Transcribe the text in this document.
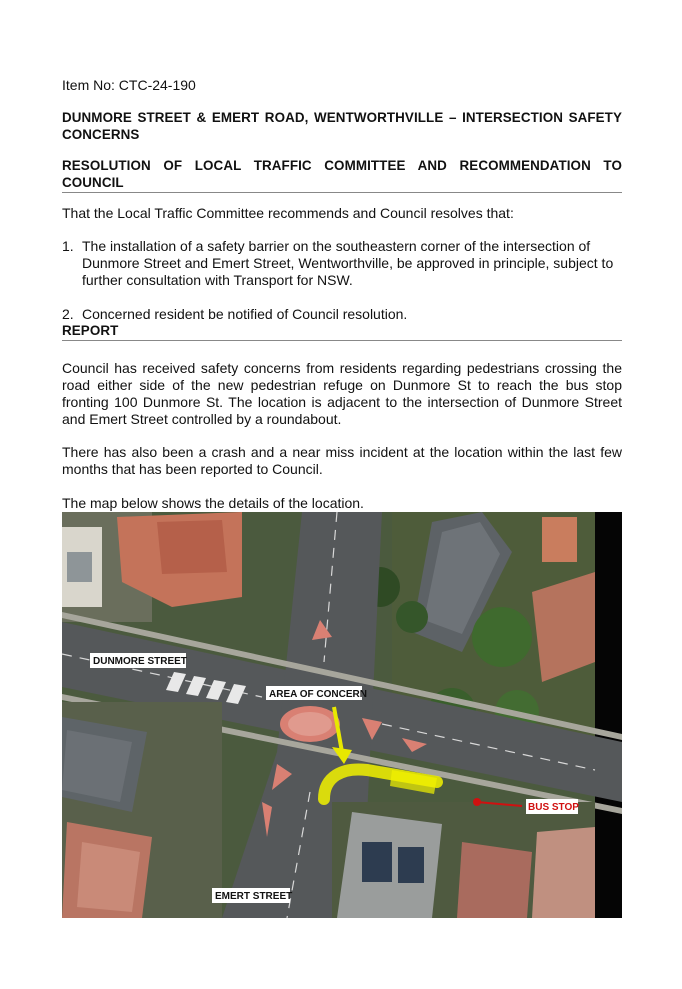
Item No: CTC-24-190
DUNMORE STREET & EMERT ROAD, WENTWORTHVILLE – INTERSECTION SAFETY CONCERNS
RESOLUTION OF LOCAL TRAFFIC COMMITTEE AND RECOMMENDATION TO COUNCIL
That the Local Traffic Committee recommends and Council resolves that:
1. The installation of a safety barrier on the southeastern corner of the intersection of Dunmore Street and Emert Street, Wentworthville, be approved in principle, subject to further consultation with Transport for NSW.
2. Concerned resident be notified of Council resolution.
REPORT
Council has received safety concerns from residents regarding pedestrians crossing the road either side of the new pedestrian refuge on Dunmore St to reach the bus stop fronting 100 Dunmore St. The location is adjacent to the intersection of Dunmore Street and Emert Street controlled by a roundabout.
There has also been a crash and a near miss incident at the location within the last few months that has been reported to Council.
The map below shows the details of the location.
DUNMORE STREET
AREA OF CONCERN
BUS STOP
EMERT STREET
